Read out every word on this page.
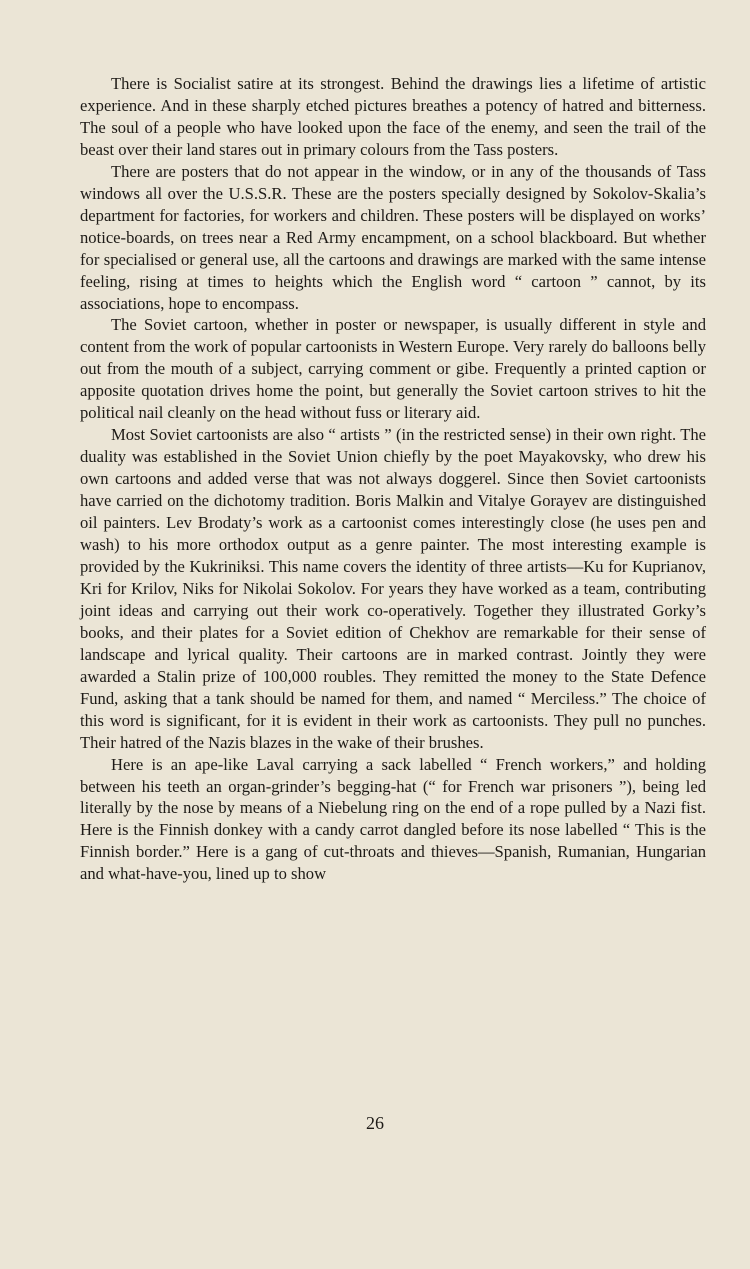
There is Socialist satire at its strongest. Behind the drawings lies a lifetime of artistic experience. And in these sharply etched pictures breathes a potency of hatred and bitterness. The soul of a people who have looked upon the face of the enemy, and seen the trail of the beast over their land stares out in primary colours from the Tass posters.

There are posters that do not appear in the window, or in any of the thousands of Tass windows all over the U.S.S.R. These are the posters specially designed by Sokolov-Skalia’s department for factories, for workers and children. These posters will be displayed on works’ notice-boards, on trees near a Red Army encampment, on a school blackboard. But whether for specialised or general use, all the cartoons and drawings are marked with the same intense feeling, rising at times to heights which the English word “ cartoon ” cannot, by its associations, hope to encompass.

The Soviet cartoon, whether in poster or newspaper, is usually different in style and content from the work of popular cartoonists in Western Europe. Very rarely do balloons belly out from the mouth of a subject, carrying comment or gibe. Frequently a printed caption or apposite quotation drives home the point, but generally the Soviet cartoon strives to hit the political nail cleanly on the head without fuss or literary aid.

Most Soviet cartoonists are also “ artists ” (in the restricted sense) in their own right. The duality was established in the Soviet Union chiefly by the poet Mayakovsky, who drew his own cartoons and added verse that was not always doggerel. Since then Soviet cartoonists have carried on the dichotomy tradition. Boris Malkin and Vitalye Gorayev are distinguished oil painters. Lev Brodaty’s work as a cartoonist comes interestingly close (he uses pen and wash) to his more orthodox output as a genre painter. The most interesting example is provided by the Kukriniksi. This name covers the identity of three artists—Ku for Kuprianov, Kri for Krilov, Niks for Nikolai Sokolov. For years they have worked as a team, contributing joint ideas and carrying out their work co-operatively. Together they illustrated Gorky’s books, and their plates for a Soviet edition of Chekhov are remarkable for their sense of landscape and lyrical quality. Their cartoons are in marked contrast. Jointly they were awarded a Stalin prize of 100,000 roubles. They remitted the money to the State Defence Fund, asking that a tank should be named for them, and named “ Merciless.” The choice of this word is significant, for it is evident in their work as cartoonists. They pull no punches. Their hatred of the Nazis blazes in the wake of their brushes.

Here is an ape-like Laval carrying a sack labelled “ French workers,” and holding between his teeth an organ-grinder’s begging-hat (“ for French war prisoners ”), being led literally by the nose by means of a Niebelung ring on the end of a rope pulled by a Nazi fist. Here is the Finnish donkey with a candy carrot dangled before its nose labelled “ This is the Finnish border.” Here is a gang of cut-throats and thieves—Spanish, Rumanian, Hungarian and what-have-you, lined up to show

26
